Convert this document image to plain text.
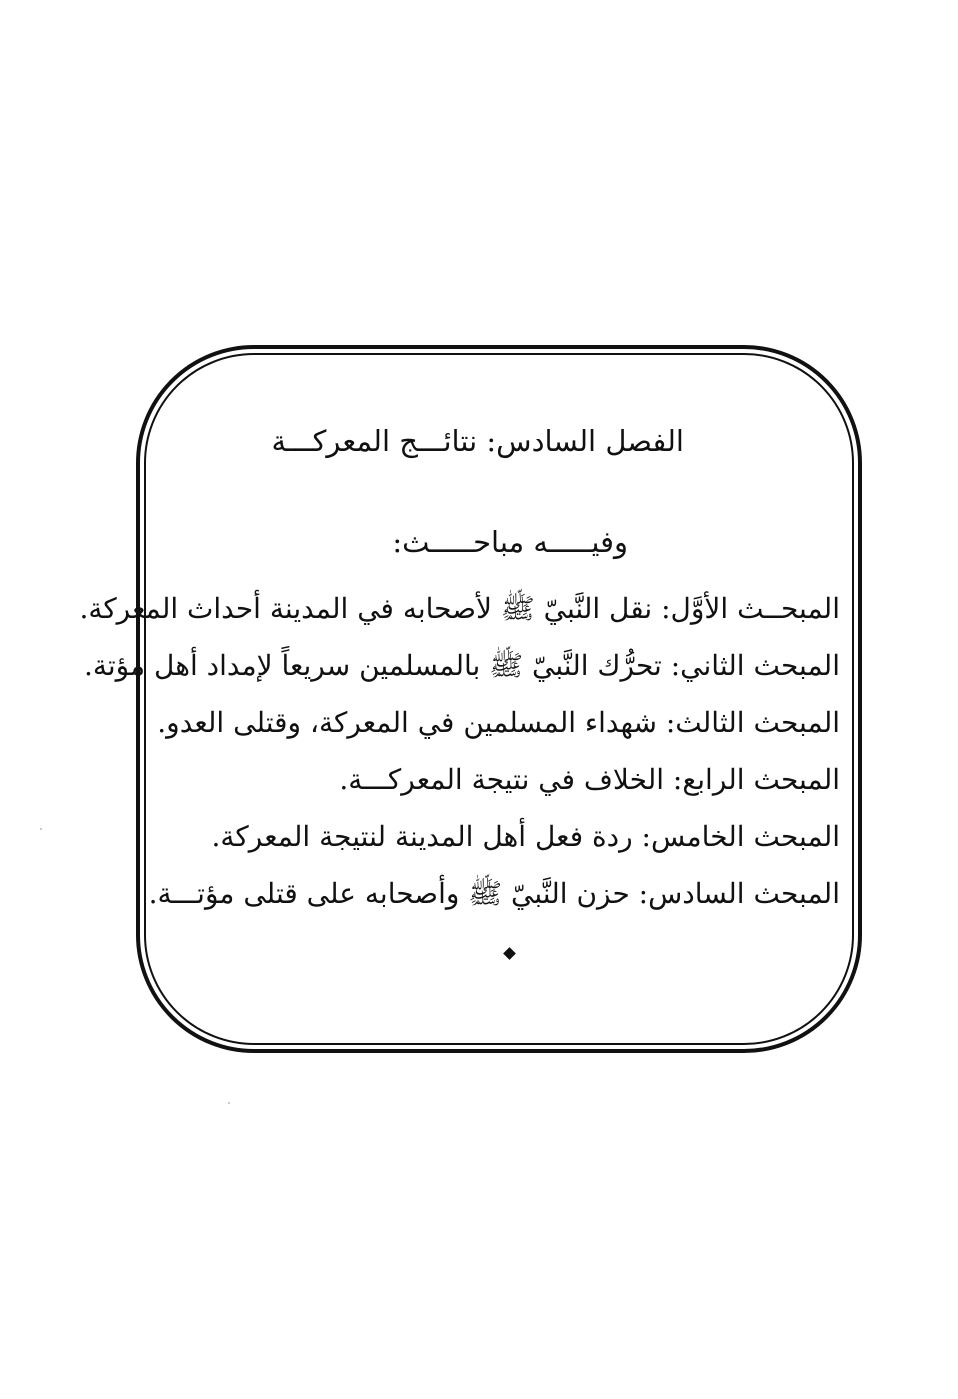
الفصل السادس: نتائـــج المعركـــة
وفيـــــه مباحـــــث:
المبحــث الأوَّل: نقل النَّبيّ ﷺ لأصحابه في المدينة أحداث المعركة.
المبحث الثاني: تحرُّك النَّبيّ ﷺ بالمسلمين سريعاً لإمداد أهل مؤتة.
المبحث الثالث: شهداء المسلمين في المعركة، وقتلى العدو.
المبحث الرابع: الخلاف في نتيجة المعركـــة.
المبحث الخامس: ردة فعل أهل المدينة لنتيجة المعركة.
المبحث السادس: حزن النَّبيّ ﷺ وأصحابه على قتلى مؤتـــة.
